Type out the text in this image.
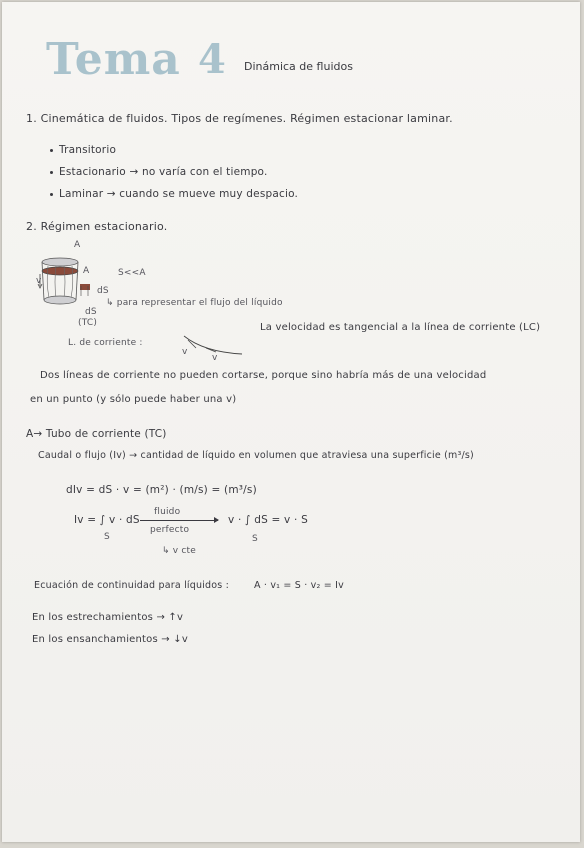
Tema 4 Dinámica de fluidos
1. Cinemática de fluidos. Tipos de regímenes. Régimen estacionar laminar.
Transitorio
Estacionario → no varía con el tiempo.
Laminar → cuando se mueve muy despacio.
2. Régimen estacionario.
A
A
v
dS
dS
(TC)
S<<A
↳ para representar el flujo del líquido
L. de corriente :
v
v
La velocidad es tangencial a la línea de corriente (LC)
Dos líneas de corriente no pueden cortarse, porque sino habría más de una velocidad
en un punto (y sólo puede haber una v)
A→ Tubo de corriente (TC)
Caudal o flujo (Iv) → cantidad de líquido en volumen que atraviesa una superficie (m³/s)
dIv = dS · v = (m²) · (m/s) = (m³/s)
Iv = ∫ v · dS
S
fluido
perfecto
v · ∫ dS = v · S
S
↳ v cte
Ecuación de continuidad para líquidos :	A · v₁ = S · v₂ = Iv
En los estrechamientos → ↑v
En los ensanchamientos → ↓v
